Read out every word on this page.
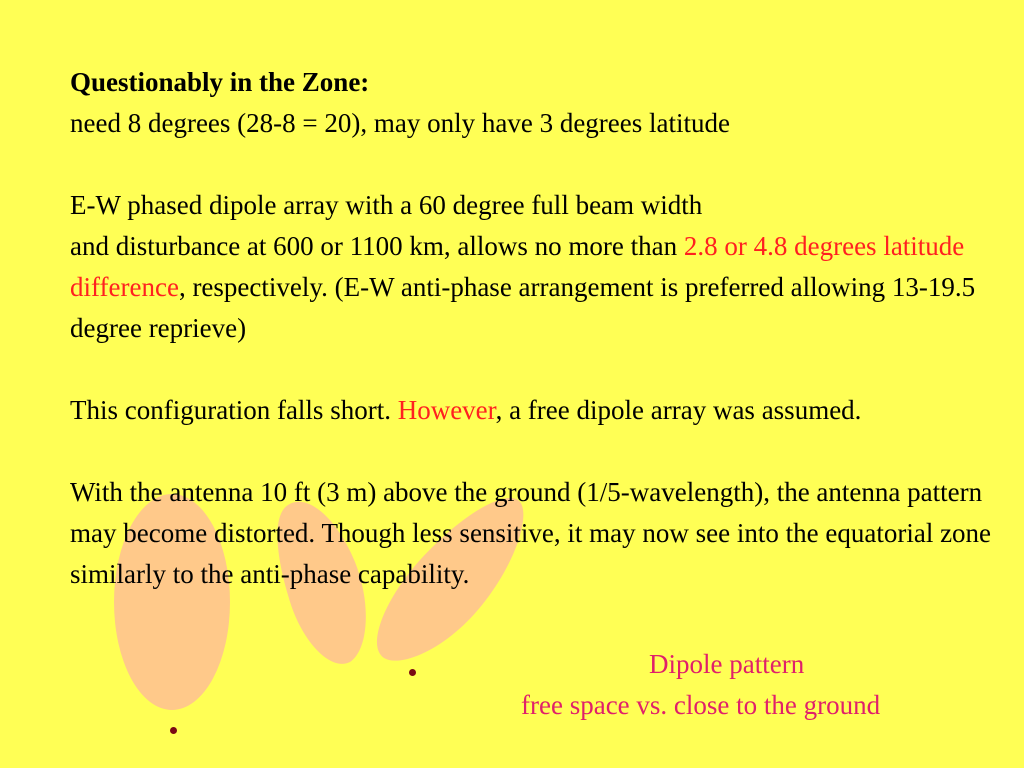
Questionably in the Zone:
need 8 degrees (28-8 = 20), may only have 3 degrees latitude

E-W phased dipole array with a 60 degree full beam width
and disturbance at 600 or 1100 km, allows no more than 2.8 or 4.8 degrees latitude difference, respectively. (E-W anti-phase arrangement is preferred allowing 13-19.5 degree reprieve)

This configuration falls short. However, a free dipole array was assumed.

With the antenna 10 ft (3 m) above the ground (1/5-wavelength), the antenna pattern may become distorted. Though less sensitive, it may now see into the equatorial zone similarly to the anti-phase capability.

Dipole pattern
free space vs. close to the ground
